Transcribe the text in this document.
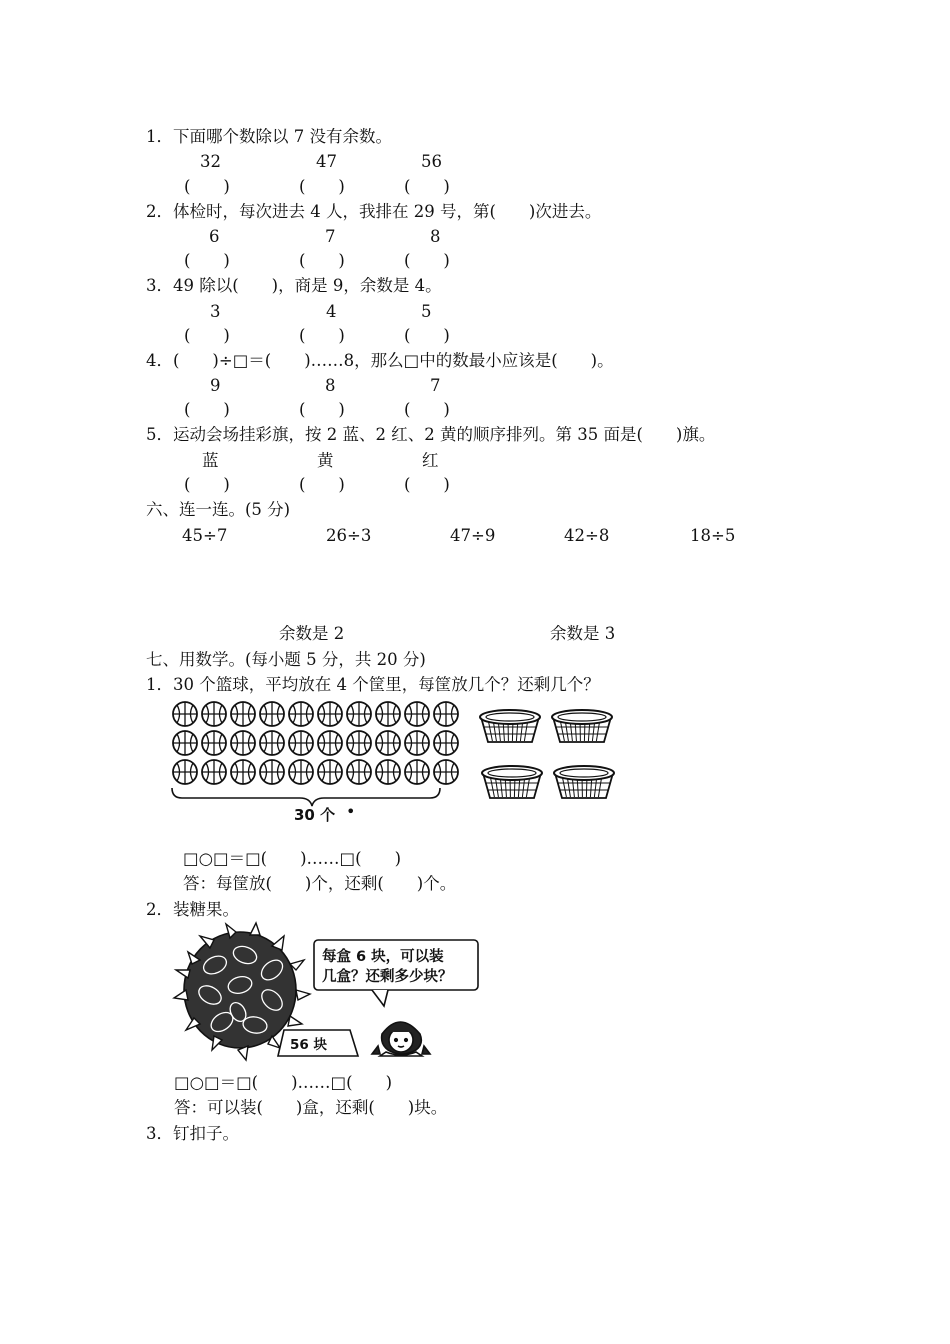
1．下面哪个数除以 7 没有余数。
32	47	56
(　　)	(　　)	(　　)
2．体检时，每次进去 4 人，我排在 29 号，第(　　)次进去。
6	7	8
(　　)	(　　)	(　　)
3．49 除以(　　)，商是 9，余数是 4。
3	4	5
(　　)	(　　)	(　　)
4．(　　)÷□＝(　　)……8，那么□中的数最小应该是(　　)。
9	8	7
(　　)	(　　)	(　　)
5．运动会场挂彩旗，按 2 蓝、2 红、2 黄的顺序排列。第 35 面是(　　)旗。
蓝	黄	红
(　　)	(　　)	(　　)
六、连一连。(5 分)
45÷7	26÷3	47÷9	42÷8	18÷5
余数是 2	余数是 3
七、用数学。(每小题 5 分，共 20 分)
1．30 个篮球，平均放在 4 个筐里，每筐放几个？还剩几个？
30 个 •
□○□＝□(　　)……□(　　)
答：每筐放(　　)个，还剩(　　)个。
2．装糖果。
每盒 6 块，可以装
几盒？还剩多少块？
56 块
□○□＝□(　　)……□(　　)
答：可以装(　　)盒，还剩(　　)块。
3．钉扣子。
